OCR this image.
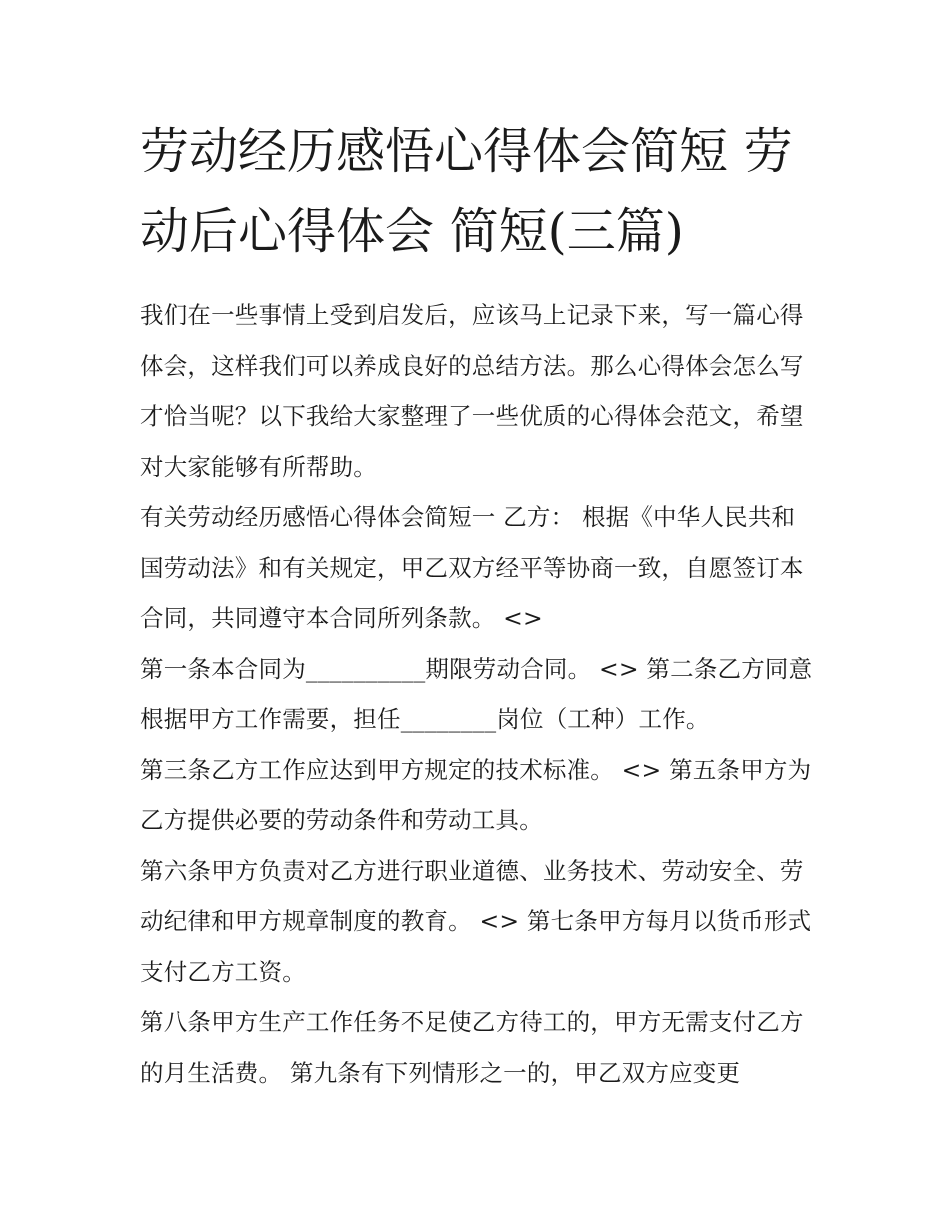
劳动经历感悟心得体会简短 劳动后心得体会 简短(三篇)

我们在一些事情上受到启发后，应该马上记录下来，写一篇心得体会，这样我们可以养成良好的总结方法。那么心得体会怎么写才恰当呢？以下我给大家整理了一些优质的心得体会范文，希望对大家能够有所帮助。

有关劳动经历感悟心得体会简短一 乙方： 根据《中华人民共和国劳动法》和有关规定，甲乙双方经平等协商一致，自愿签订本合同，共同遵守本合同所列条款。 <>

第一条本合同为__________期限劳动合同。 <> 第二条乙方同意根据甲方工作需要，担任________岗位（工种）工作。

第三条乙方工作应达到甲方规定的技术标准。 <> 第五条甲方为乙方提供必要的劳动条件和劳动工具。

第六条甲方负责对乙方进行职业道德、业务技术、劳动安全、劳动纪律和甲方规章制度的教育。 <> 第七条甲方每月以货币形式支付乙方工资。

第八条甲方生产工作任务不足使乙方待工的，甲方无需支付乙方的月生活费。 第九条有下列情形之一的，甲乙双方应变更
